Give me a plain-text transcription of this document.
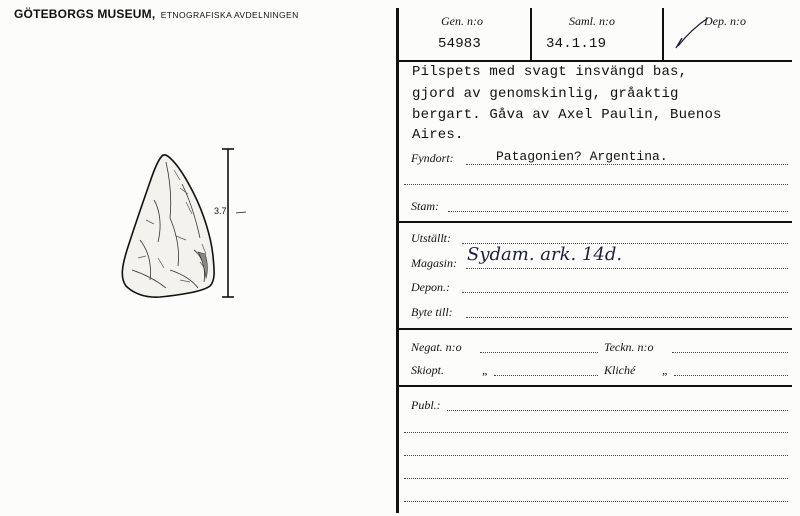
GÖTEBORGS MUSEUM, ETNOGRAFISKA AVDELNINGEN
3.7
Gen. n:o
54983
Saml. n:o
34.1.19
Dep. n:o
Pilspets med svagt insvängd bas,
gjord av genomskinlig, gråaktig
bergart. Gåva av Axel Paulin, Buenos
Aires.
Fyndort:	Patagonien? Argentina.
Stam:
Utställt:
Magasin: Sydam. ark. 14d.
Depon.:
Byte till:
Negat. n:o	Teckn. n:o
Skiopt.	„	Kliché „
Publ.:
